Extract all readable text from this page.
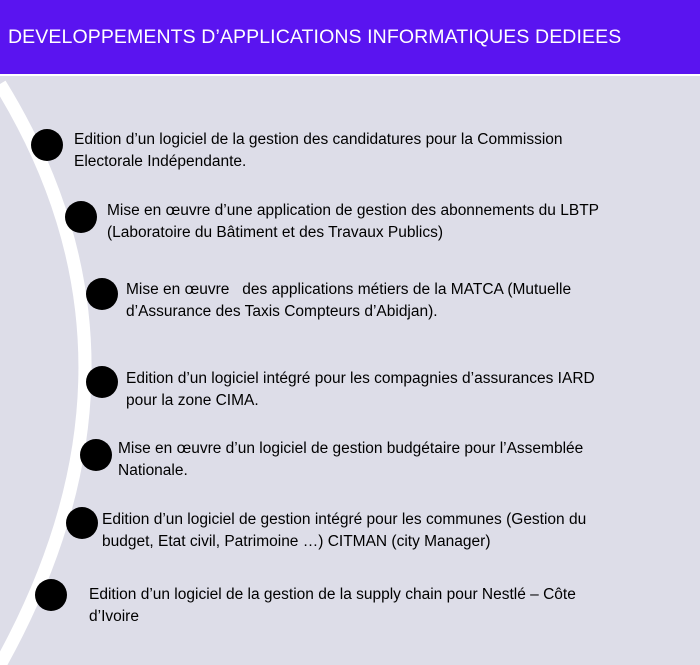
DEVELOPPEMENTS D’APPLICATIONS INFORMATIQUES DEDIEES
Edition d’un logiciel de la gestion des candidatures pour la Commission
Electorale Indépendante.
Mise en œuvre d’une application de gestion des abonnements du LBTP
(Laboratoire du Bâtiment et des Travaux Publics)
Mise en œuvre   des applications métiers de la MATCA (Mutuelle
d’Assurance des Taxis Compteurs d’Abidjan).
Edition d’un logiciel intégré pour les compagnies d’assurances IARD
pour la zone CIMA.
Mise en œuvre d’un logiciel de gestion budgétaire pour l’Assemblée
Nationale.
Edition d’un logiciel de gestion intégré pour les communes (Gestion du
budget, Etat civil, Patrimoine …) CITMAN (city Manager)
Edition d’un logiciel de la gestion de la supply chain pour Nestlé – Côte
d’Ivoire
